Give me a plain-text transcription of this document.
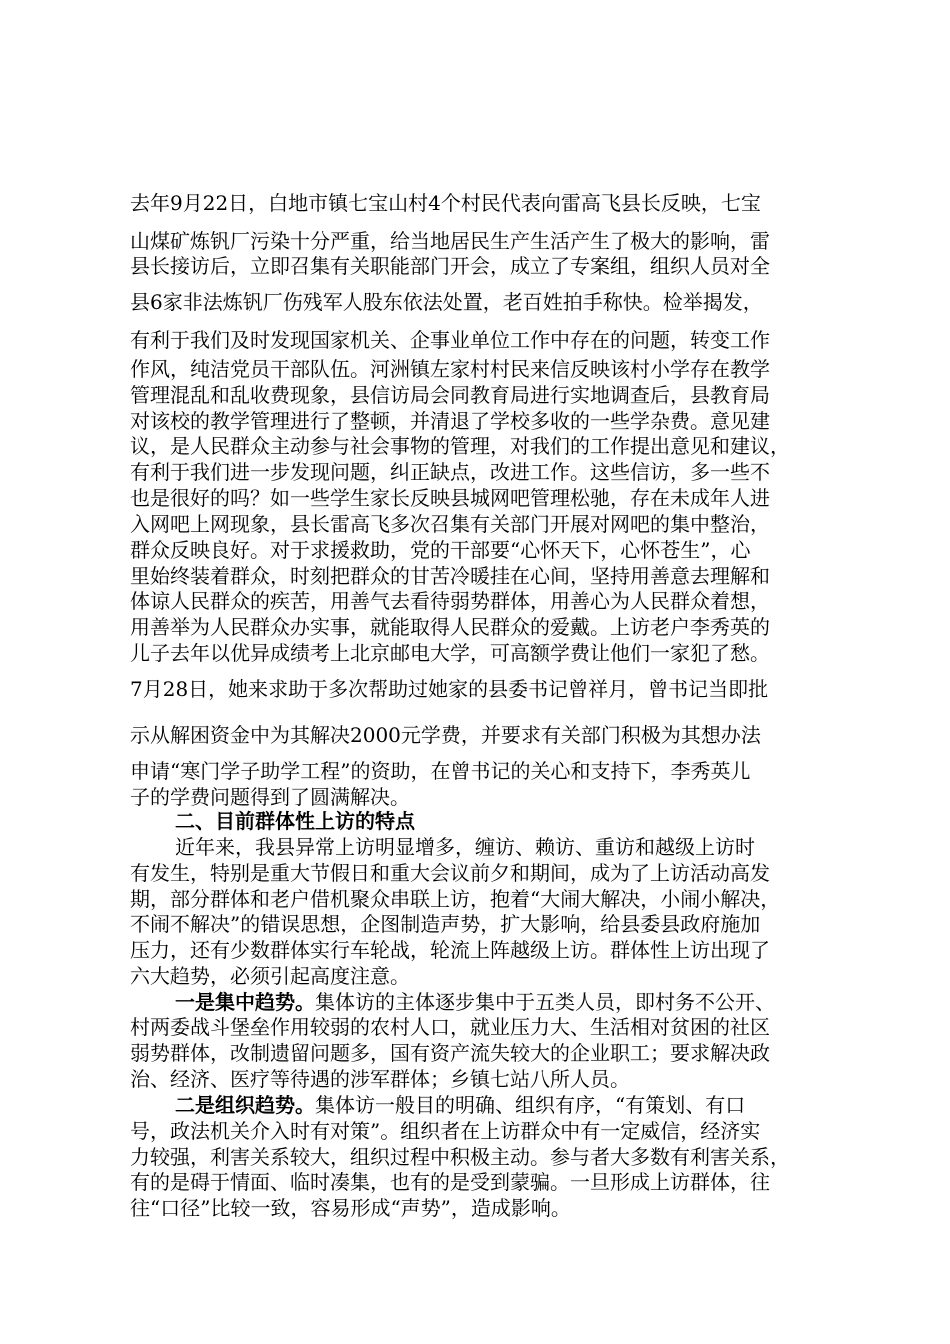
去年9月22日，白地市镇七宝山村4个村民代表向雷高飞县长反映，七宝
山煤矿炼钒厂污染十分严重，给当地居民生产生活产生了极大的影响，雷
县长接访后，立即召集有关职能部门开会，成立了专案组，组织人员对全
县6家非法炼钒厂伤残军人股东依法处置，老百姓拍手称快。检举揭发，
有利于我们及时发现国家机关、企事业单位工作中存在的问题，转变工作
作风，纯洁党员干部队伍。河洲镇左家村村民来信反映该村小学存在教学
管理混乱和乱收费现象，县信访局会同教育局进行实地调查后，县教育局
对该校的教学管理进行了整顿，并清退了学校多收的一些学杂费。意见建
议，是人民群众主动参与社会事物的管理，对我们的工作提出意见和建议，
有利于我们进一步发现问题，纠正缺点，改进工作。这些信访，多一些不
也是很好的吗？如一些学生家长反映县城网吧管理松驰，存在未成年人进
入网吧上网现象，县长雷高飞多次召集有关部门开展对网吧的集中整治，
群众反映良好。对于求援救助，党的干部要“心怀天下，心怀苍生”，心
里始终装着群众，时刻把群众的甘苦冷暖挂在心间，坚持用善意去理解和
体谅人民群众的疾苦，用善气去看待弱势群体，用善心为人民群众着想，
用善举为人民群众办实事，就能取得人民群众的爱戴。上访老户李秀英的
儿子去年以优异成绩考上北京邮电大学，可高额学费让他们一家犯了愁。
7月28日，她来求助于多次帮助过她家的县委书记曾祥月，曾书记当即批
示从解困资金中为其解决2000元学费，并要求有关部门积极为其想办法
申请“寒门学子助学工程”的资助，在曾书记的关心和支持下，李秀英儿
子的学费问题得到了圆满解决。
二、目前群体性上访的特点
近年来，我县异常上访明显增多，缠访、赖访、重访和越级上访时
有发生，特别是重大节假日和重大会议前夕和期间，成为了上访活动高发
期，部分群体和老户借机聚众串联上访，抱着“大闹大解决，小闹小解决，
不闹不解决”的错误思想，企图制造声势，扩大影响，给县委县政府施加
压力，还有少数群体实行车轮战，轮流上阵越级上访。群体性上访出现了
六大趋势，必须引起高度注意。
一是集中趋势。集体访的主体逐步集中于五类人员，即村务不公开、
村两委战斗堡垒作用较弱的农村人口，就业压力大、生活相对贫困的社区
弱势群体，改制遗留问题多，国有资产流失较大的企业职工；要求解决政
治、经济、医疗等待遇的涉军群体；乡镇七站八所人员。
二是组织趋势。集体访一般目的明确、组织有序，“有策划、有口
号，政法机关介入时有对策”。组织者在上访群众中有一定威信，经济实
力较强，利害关系较大，组织过程中积极主动。参与者大多数有利害关系，
有的是碍于情面、临时凑集，也有的是受到蒙骗。一旦形成上访群体，往
往“口径”比较一致，容易形成“声势”，造成影响。
